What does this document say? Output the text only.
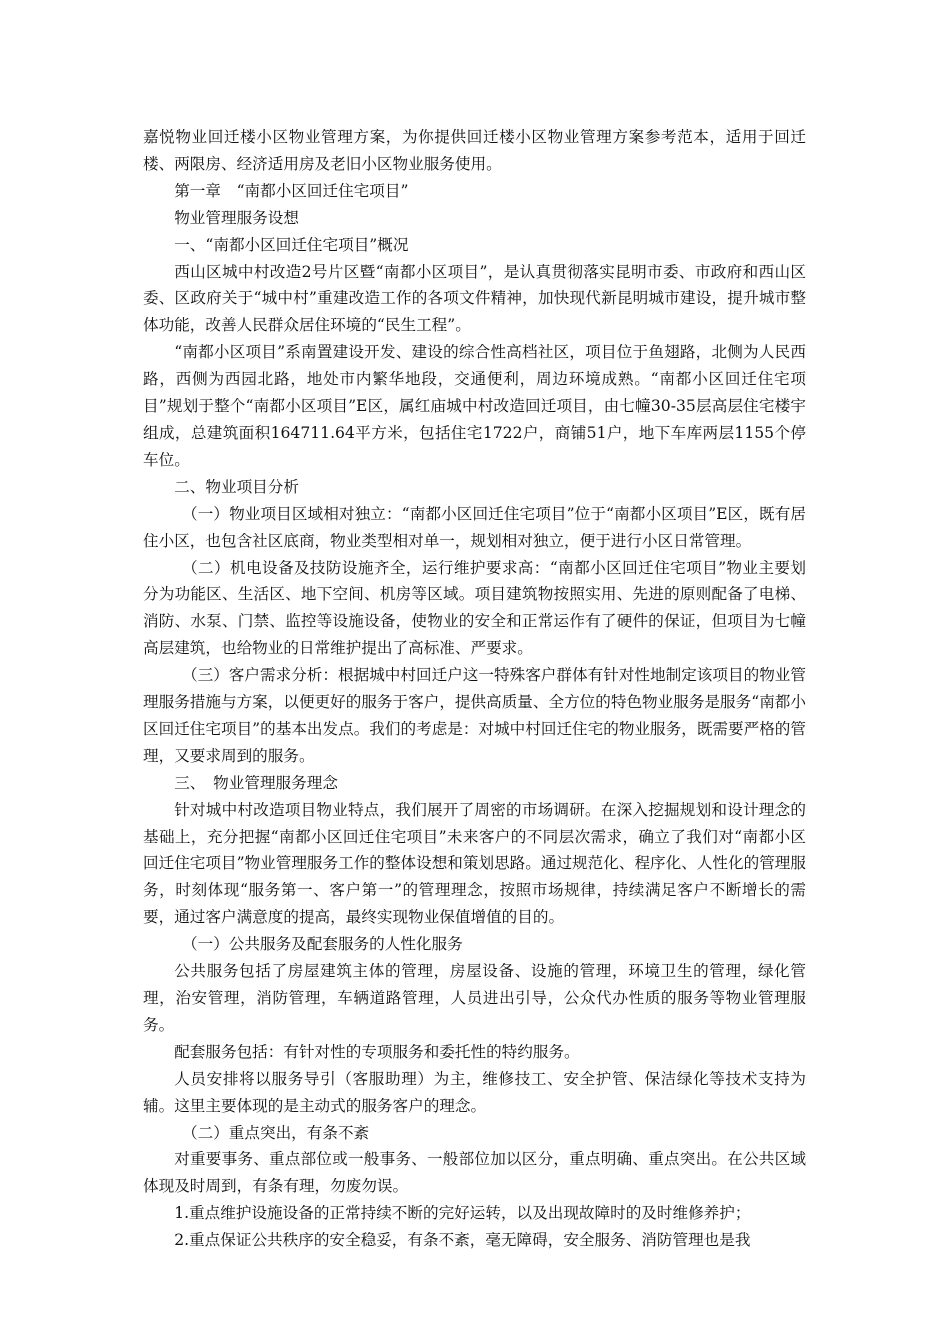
嘉悦物业回迁楼小区物业管理方案，为你提供回迁楼小区物业管理方案参考范本，适用于回迁楼、两限房、经济适用房及老旧小区物业服务使用。

第一章　“南都小区回迁住宅项目”

物业管理服务设想

一、“南都小区回迁住宅项目”概况

西山区城中村改造2号片区暨“南都小区项目”，是认真贯彻落实昆明市委、市政府和西山区委、区政府关于“城中村”重建改造工作的各项文件精神，加快现代新昆明城市建设，提升城市整体功能，改善人民群众居住环境的“民生工程”。

“南都小区项目”系南置建设开发、建设的综合性高档社区，项目位于鱼翅路，北侧为人民西路，西侧为西园北路，地处市内繁华地段，交通便利，周边环境成熟。“南都小区回迁住宅项目”规划于整个“南都小区项目”E区，属红庙城中村改造回迁项目，由七幢30-35层高层住宅楼宇组成，总建筑面积164711.64平方米，包括住宅1722户，商铺51户，地下车库两层1155个停车位。

二、物业项目分析

（一）物业项目区域相对独立：“南都小区回迁住宅项目”位于“南都小区项目”E区，既有居住小区，也包含社区底商，物业类型相对单一，规划相对独立，便于进行小区日常管理。

（二）机电设备及技防设施齐全，运行维护要求高：“南都小区回迁住宅项目”物业主要划分为功能区、生活区、地下空间、机房等区域。项目建筑物按照实用、先进的原则配备了电梯、消防、水泵、门禁、监控等设施设备，使物业的安全和正常运作有了硬件的保证，但项目为七幢高层建筑，也给物业的日常维护提出了高标准、严要求。

（三）客户需求分析：根据城中村回迁户这一特殊客户群体有针对性地制定该项目的物业管理服务措施与方案，以便更好的服务于客户，提供高质量、全方位的特色物业服务是服务“南都小区回迁住宅项目”的基本出发点。我们的考虑是：对城中村回迁住宅的物业服务，既需要严格的管理，又要求周到的服务。

三、　物业管理服务理念

针对城中村改造项目物业特点，我们展开了周密的市场调研。在深入挖掘规划和设计理念的基础上，充分把握“南都小区回迁住宅项目”未来客户的不同层次需求，确立了我们对“南都小区回迁住宅项目”物业管理服务工作的整体设想和策划思路。通过规范化、程序化、人性化的管理服务，时刻体现“服务第一、客户第一”的管理理念，按照市场规律，持续满足客户不断增长的需要，通过客户满意度的提高，最终实现物业保值增值的目的。

（一）公共服务及配套服务的人性化服务

公共服务包括了房屋建筑主体的管理，房屋设备、设施的管理，环境卫生的管理，绿化管理，治安管理，消防管理，车辆道路管理，人员进出引导，公众代办性质的服务等物业管理服务。

配套服务包括：有针对性的专项服务和委托性的特约服务。

人员安排将以服务导引（客服助理）为主，维修技工、安全护管、保洁绿化等技术支持为辅。这里主要体现的是主动式的服务客户的理念。

（二）重点突出，有条不紊

对重要事务、重点部位或一般事务、一般部位加以区分，重点明确、重点突出。在公共区域体现及时周到，有条有理，勿废勿误。

1.重点维护设施设备的正常持续不断的完好运转，以及出现故障时的及时维修养护；

2.重点保证公共秩序的安全稳妥，有条不紊，毫无障碍，安全服务、消防管理也是我
